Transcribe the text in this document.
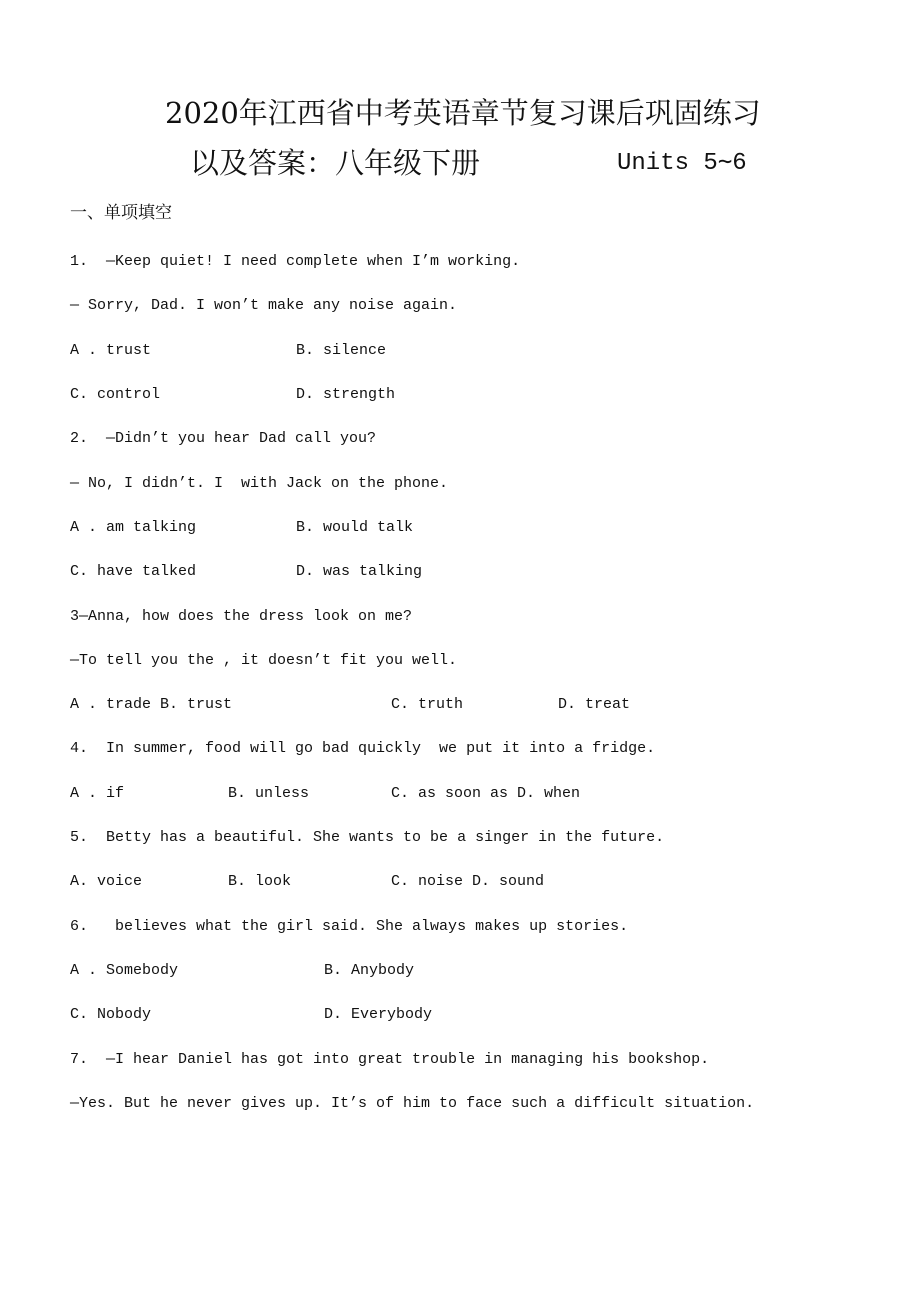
2020年江西省中考英语章节复习课后巩固练习
以及答案：八年级下册	Units 5∼6
一、单项填空
1.  —Keep quiet! I need complete when I’m working.
— Sorry, Dad. I won’t make any noise again.
A . trust	B. silence
C. control	D. strength
2.  —Didn’t you hear Dad call you?
— No, I didn’t. I  with Jack on the phone.
A . am talking	B. would talk
C. have talked	D. was talking
3—Anna, how does the dress look on me?
—To tell you the , it doesn’t fit you well.
A . trade B. trust	C. truth	D. treat
4.  In summer, food will go bad quickly  we put it into a fridge.
A . if	B. unless	C. as soon as D. when
5.  Betty has a beautiful. She wants to be a singer in the future.
A. voice	B. look	C. noise D. sound
6.   believes what the girl said. She always makes up stories.
A . Somebody	B. Anybody
C. Nobody	D. Everybody
7.  —I hear Daniel has got into great trouble in managing his bookshop.
—Yes. But he never gives up. It’s of him to face such a difficult situation.
